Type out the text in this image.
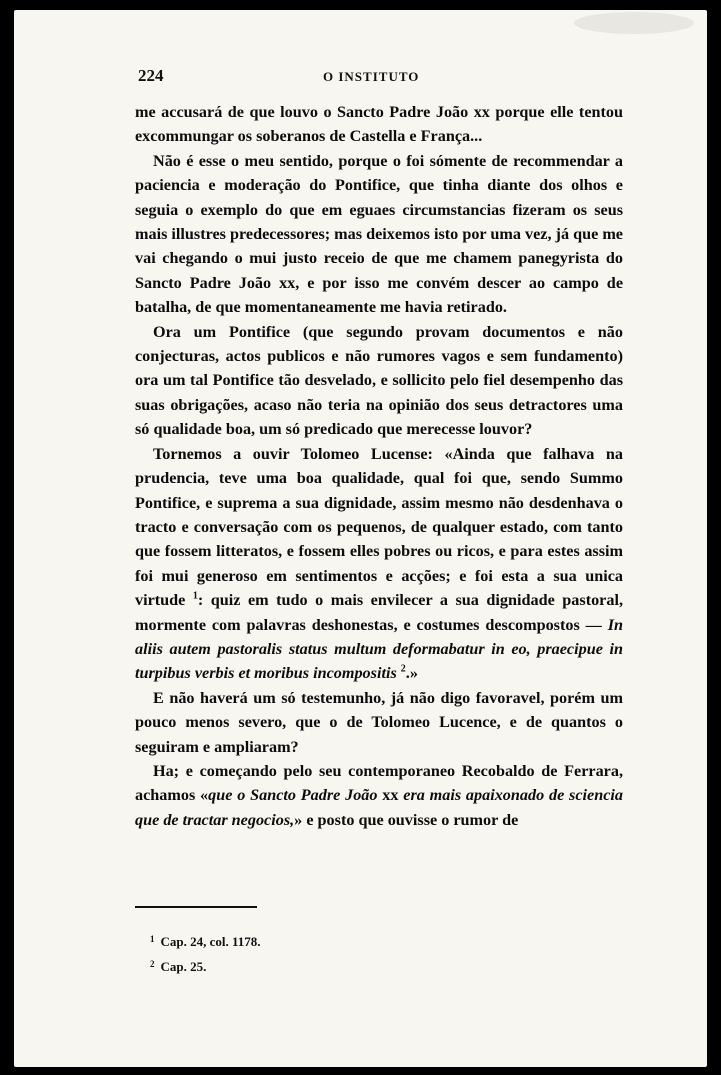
224	O INSTITUTO

me accusará de que louvo o Sancto Padre João xx porque elle tentou excommungar os soberanos de Castella e França...

Não é esse o meu sentido, porque o foi sómente de recommendar a paciencia e moderação do Pontifice, que tinha diante dos olhos e seguia o exemplo do que em eguaes circumstancias fizeram os seus mais illustres predecessores; mas deixemos isto por uma vez, já que me vai chegando o mui justo receio de que me chamem panegyrista do Sancto Padre João xx, e por isso me convém descer ao campo de batalha, de que momentaneamente me havia retirado.

Ora um Pontifice (que segundo provam documentos e não conjecturas, actos publicos e não rumores vagos e sem fundamento) ora um tal Pontifice tão desvelado, e sollicito pelo fiel desempenho das suas obrigações, acaso não teria na opinião dos seus detractores uma só qualidade boa, um só predicado que merecesse louvor?

Tornemos a ouvir Tolomeo Lucense: «Ainda que falhava na prudencia, teve uma boa qualidade, qual foi que, sendo Summo Pontifice, e suprema a sua dignidade, assim mesmo não desdenhava o tracto e conversação com os pequenos, de qualquer estado, com tanto que fossem litteratos, e fossem elles pobres ou ricos, e para estes assim foi mui generoso em sentimentos e acções; e foi esta a sua unica virtude $^1$: quiz em tudo o mais envilecer a sua dignidade pastoral, mormente com palavras deshonestas, e costumes descompostos — In aliis autem pastoralis status multum deformabatur in eo, praecipue in turpibus verbis et moribus incompositis $^2$.»

E não haverá um só testemunho, já não digo favoravel, porém um pouco menos severo, que o de Tolomeo Lucence, e de quantos o seguiram e ampliaram?

Ha; e começando pelo seu contemporaneo Recobaldo de Ferrara, achamos «que o Sancto Padre João xx era mais apaixonado de sciencia que de tractar negocios,» e posto que ouvisse o rumor de

$^1$ Cap. 24, col. 1178.
$^2$ Cap. 25.
